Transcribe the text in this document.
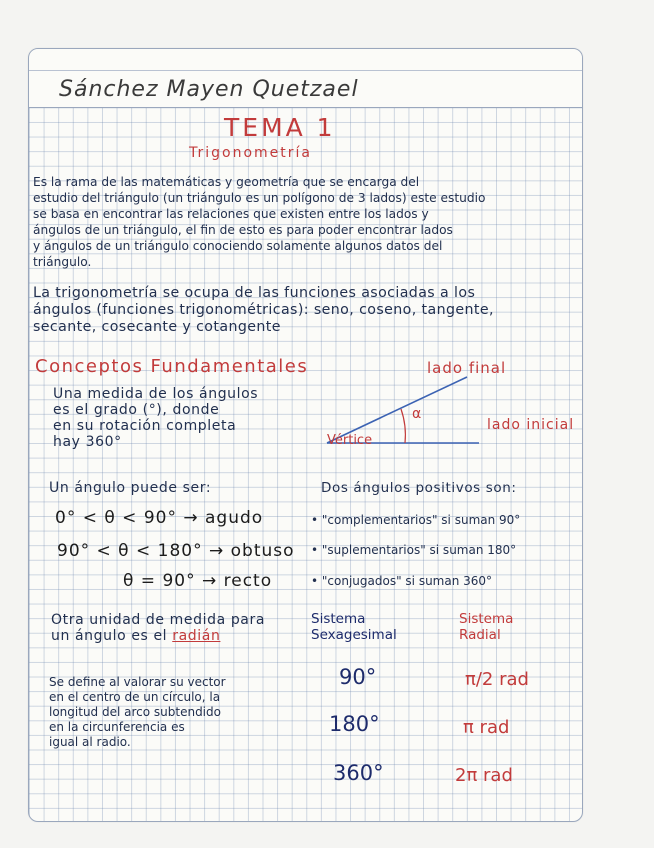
Sánchez Mayen Quetzael
TEMA 1
Trigonometría
Es la rama de las matemáticas y geometría que se encarga del
estudio del triángulo (un triángulo es un polígono de 3 lados) este estudio
se basa en encontrar las relaciones que existen entre los lados y
ángulos de un triángulo, el fin de esto es para poder encontrar lados
y ángulos de un triángulo conociendo solamente algunos datos del
triángulo.
La trigonometría se ocupa de las funciones asociadas a los
ángulos (funciones trigonométricas): seno, coseno, tangente,
secante, cosecante y cotangente
Conceptos Fundamentales
Una medida de los ángulos
es el grado (°), donde
en su rotación completa
hay 360°
lado final
lado inicial
Vértice
α
Un ángulo puede ser:
0° < θ < 90° → agudo
90° < θ < 180° → obtuso
θ = 90° → recto
Dos ángulos positivos son:
• "complementarios" si suman 90°
• "suplementarios" si suman 180°
• "conjugados" si suman 360°
Otra unidad de medida para
un ángulo es el radián
Se define al valorar su vector
en el centro de un círculo, la
longitud del arco subtendido
en la circunferencia es
igual al radio.
Sistema
Sexagesimal
Sistema
Radial
90°
180°
360°
π/2 rad
π rad
2π rad
